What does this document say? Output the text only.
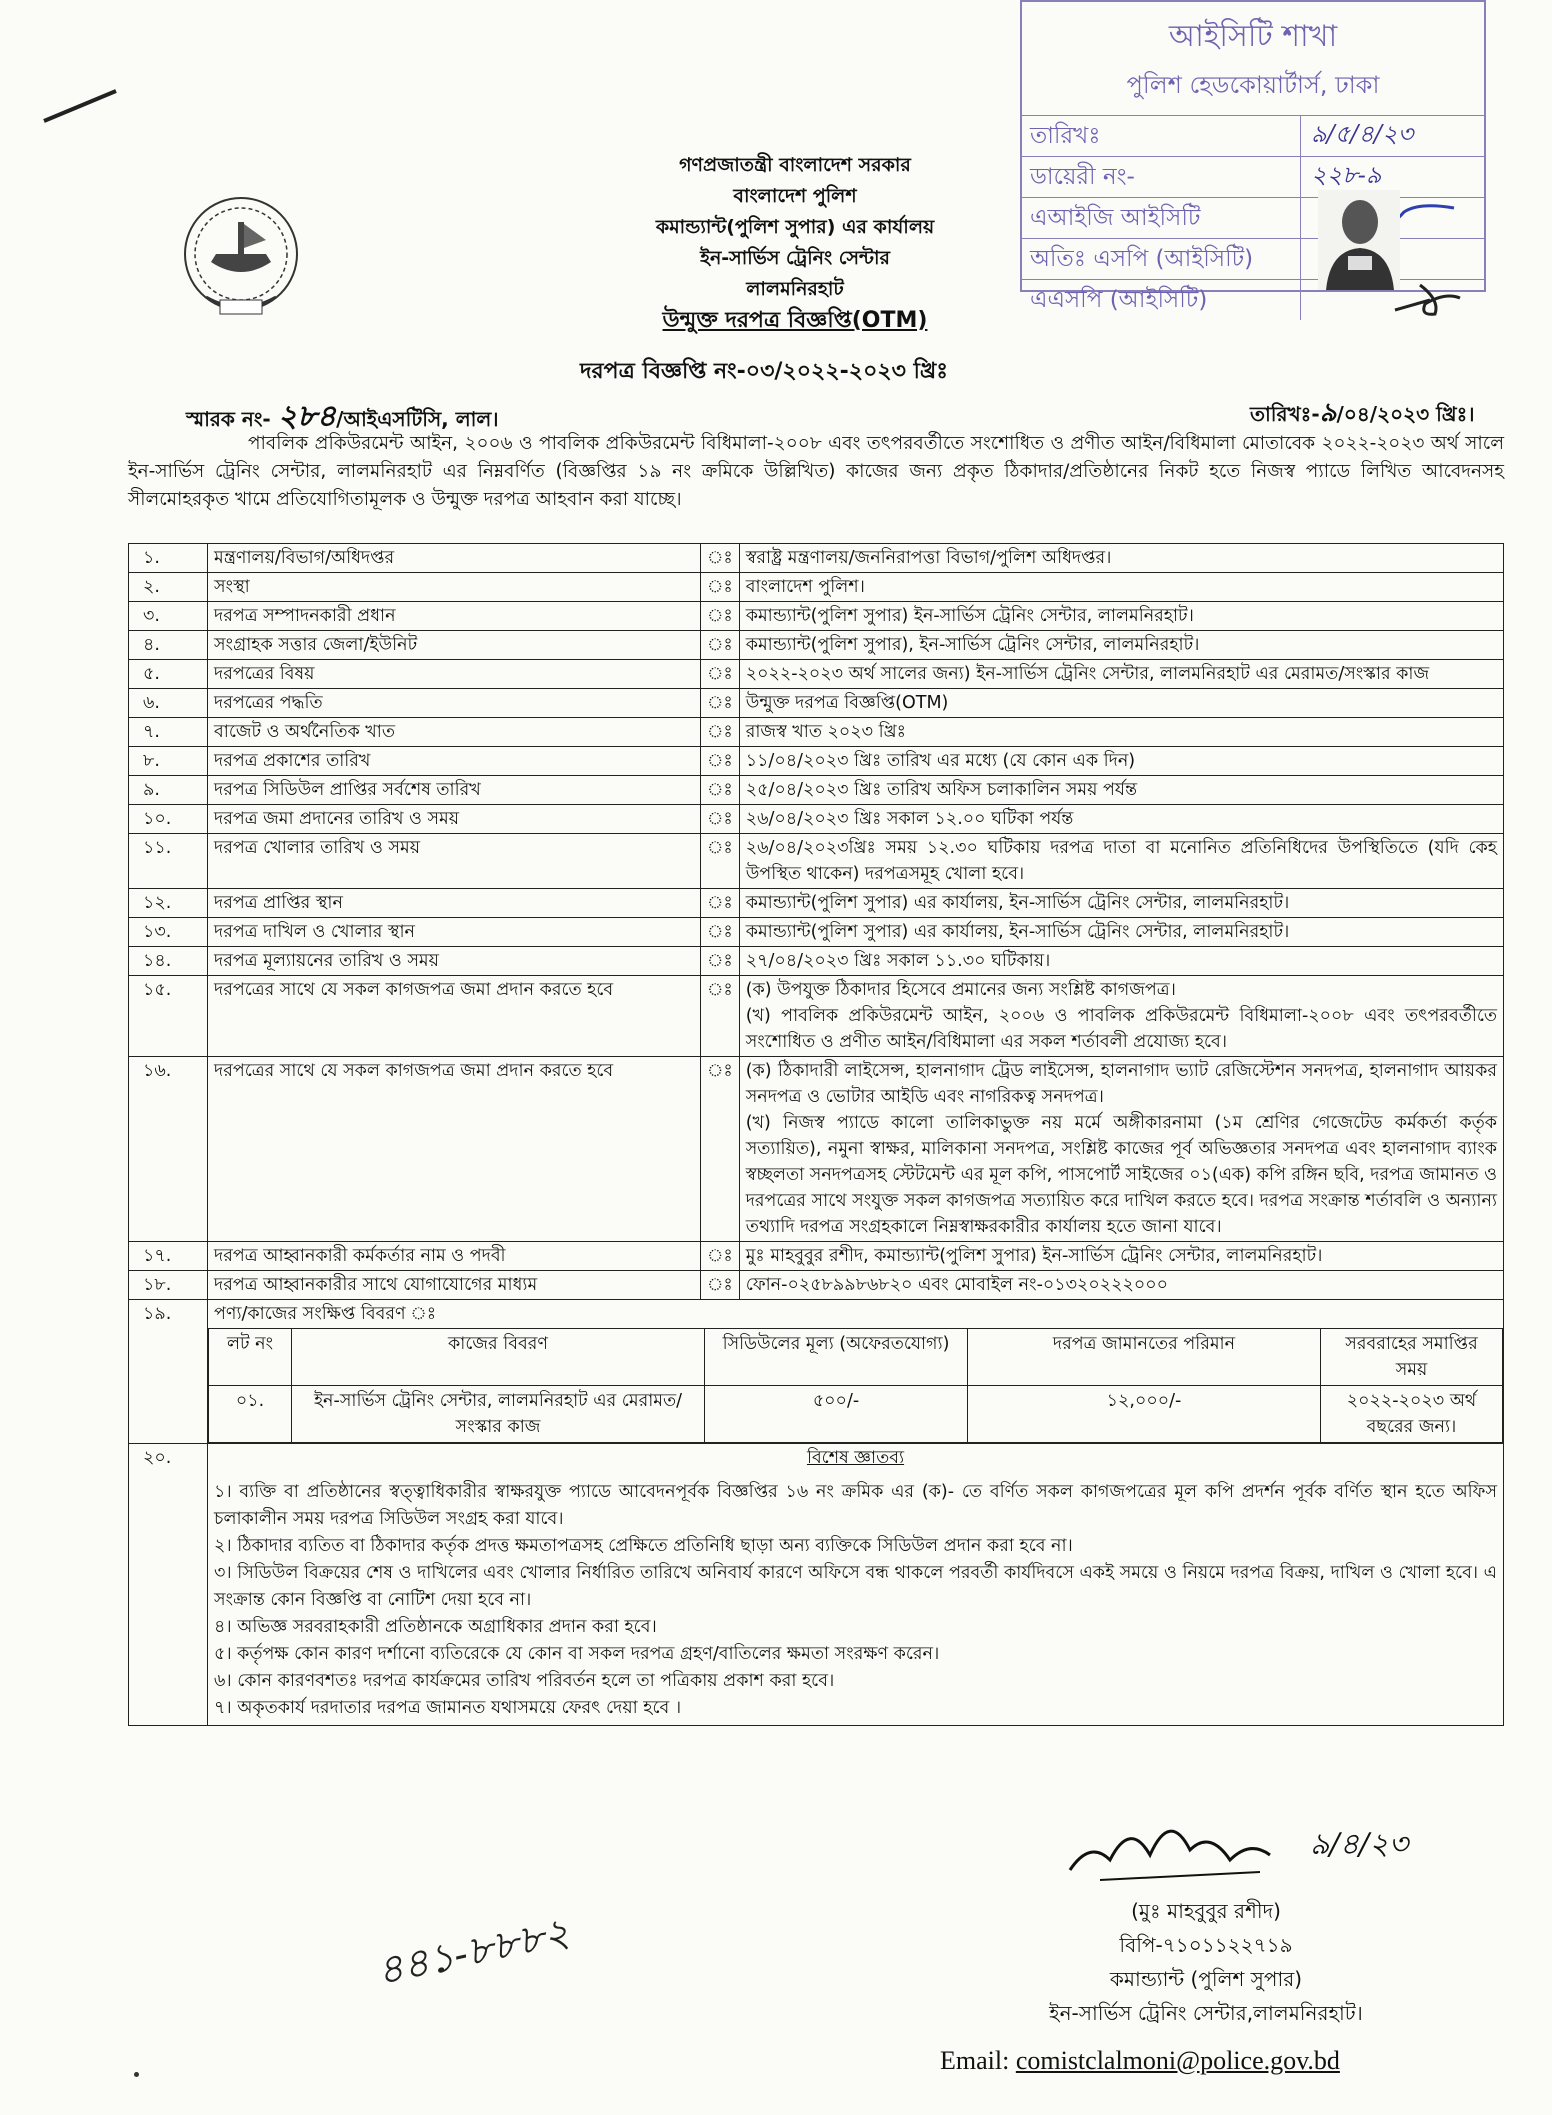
আইসিটি শাখা
পুলিশ হেডকোয়ার্টার্স, ঢাকা
তারিখঃ	৯/৫/৪/২৩
ডায়েরী নং-	২২৮-৯
এআইজি আইসিটি
অতিঃ এসপি (আইসিটি)
এএসপি (আইসিটি)
গণপ্রজাতন্ত্রী বাংলাদেশ সরকার
বাংলাদেশ পুলিশ
কমান্ড্যান্ট(পুলিশ সুপার) এর কার্যালয়
ইন-সার্ভিস ট্রেনিং সেন্টার
লালমনিরহাট
উন্মুক্ত দরপত্র বিজ্ঞপ্তি(OTM)
দরপত্র বিজ্ঞপ্তি নং-০৩/২০২২-২০২৩ খ্রিঃ
স্মারক নং- ২৮৪/আইএসটিসি, লাল।	তারিখঃ-৯/০৪/২০২৩ খ্রিঃ।
পাবলিক প্রকিউরমেন্ট আইন, ২০০৬ ও পাবলিক প্রকিউরমেন্ট বিধিমালা-২০০৮ এবং তৎপরবর্তীতে সংশোধিত ও প্রণীত আইন/বিধিমালা মোতাবেক ২০২২-২০২৩ অর্থ সালে ইন-সার্ভিস ট্রেনিং সেন্টার, লালমনিরহাট এর নিম্নবর্ণিত (বিজ্ঞপ্তির ১৯ নং ক্রমিকে উল্লিখিত) কাজের জন্য প্রকৃত ঠিকাদার/প্রতিষ্ঠানের নিকট হতে নিজস্ব প্যাডে লিখিত আবেদনসহ সীলমোহরকৃত খামে প্রতিযোগিতামূলক ও উন্মুক্ত দরপত্র আহবান করা যাচ্ছে।
১.	মন্ত্রণালয়/বিভাগ/অধিদপ্তর	ঃ	স্বরাষ্ট্র মন্ত্রণালয়/জননিরাপত্তা বিভাগ/পুলিশ অধিদপ্তর।
২.	সংস্থা	ঃ	বাংলাদেশ পুলিশ।
৩.	দরপত্র সম্পাদনকারী প্রধান	ঃ	কমান্ড্যান্ট(পুলিশ সুপার) ইন-সার্ভিস ট্রেনিং সেন্টার, লালমনিরহাট।
৪.	সংগ্রাহক সত্তার জেলা/ইউনিট	ঃ	কমান্ড্যান্ট(পুলিশ সুপার), ইন-সার্ভিস ট্রেনিং সেন্টার, লালমনিরহাট।
৫.	দরপত্রের বিষয়	ঃ	২০২২-২০২৩ অর্থ সালের জন্য) ইন-সার্ভিস ট্রেনিং সেন্টার, লালমনিরহাট এর মেরামত/সংস্কার কাজ
৬.	দরপত্রের পদ্ধতি	ঃ	উন্মুক্ত দরপত্র বিজ্ঞপ্তি(OTM)
৭.	বাজেট ও অর্থনৈতিক খাত	ঃ	রাজস্ব খাত ২০২৩ খ্রিঃ
৮.	দরপত্র প্রকাশের তারিখ	ঃ	১১/০৪/২০২৩ খ্রিঃ তারিখ এর মধ্যে (যে কোন এক দিন)
৯.	দরপত্র সিডিউল প্রাপ্তির সর্বশেষ তারিখ	ঃ	২৫/০৪/২০২৩ খ্রিঃ তারিখ অফিস চলাকালিন সময় পর্যন্ত
১০.	দরপত্র জমা প্রদানের তারিখ ও সময়	ঃ	২৬/০৪/২০২৩ খ্রিঃ সকাল ১২.০০ ঘটিকা পর্যন্ত
১১.	দরপত্র খোলার তারিখ ও সময়	ঃ	২৬/০৪/২০২৩খ্রিঃ সময় ১২.৩০ ঘটিকায় দরপত্র দাতা বা মনোনিত প্রতিনিধিদের উপস্থিতিতে (যদি কেহ উপস্থিত থাকেন) দরপত্রসমূহ খোলা হবে।
১২.	দরপত্র প্রাপ্তির স্থান	ঃ	কমান্ড্যান্ট(পুলিশ সুপার) এর কার্যালয়, ইন-সার্ভিস ট্রেনিং সেন্টার, লালমনিরহাট।
১৩.	দরপত্র দাখিল ও খোলার স্থান	ঃ	কমান্ড্যান্ট(পুলিশ সুপার) এর কার্যালয়, ইন-সার্ভিস ট্রেনিং সেন্টার, লালমনিরহাট।
১৪.	দরপত্র মূল্যায়নের তারিখ ও সময়	ঃ	২৭/০৪/২০২৩ খ্রিঃ সকাল ১১.৩০ ঘটিকায়।
১৫.	দরপত্রের সাথে যে সকল কাগজপত্র জমা প্রদান করতে হবে	ঃ	(ক) উপযুক্ত ঠিকাদার হিসেবে প্রমানের জন্য সংশ্লিষ্ট কাগজপত্র।
(খ) পাবলিক প্রকিউরমেন্ট আইন, ২০০৬ ও পাবলিক প্রকিউরমেন্ট বিধিমালা-২০০৮ এবং তৎপরবর্তীতে সংশোধিত ও প্রণীত আইন/বিধিমালা এর সকল শর্তাবলী প্রযোজ্য হবে।

১৬.	দরপত্রের সাথে যে সকল কাগজপত্র জমা প্রদান করতে হবে	ঃ	(ক) ঠিকাদারী লাইসেন্স, হালনাগাদ ট্রেড লাইসেন্স, হালনাগাদ ভ্যাট রেজিস্টেশন সনদপত্র, হালনাগাদ আয়কর সনদপত্র ও ভোটার আইডি এবং নাগরিকত্ব সনদপত্র।
(খ) নিজস্ব প্যাডে কালো তালিকাভুক্ত নয় মর্মে অঙ্গীকারনামা (১ম শ্রেণির গেজেটেড কর্মকর্তা কর্তৃক সত্যায়িত), নমুনা স্বাক্ষর, মালিকানা সনদপত্র, সংশ্লিষ্ট কাজের পূর্ব অভিজ্ঞতার সনদপত্র এবং হালনাগাদ ব্যাংক স্বচ্ছলতা সনদপত্রসহ স্টেটমেন্ট এর মূল কপি, পাসপোর্ট সাইজের ০১(এক) কপি রঙ্গিন ছবি, দরপত্র জামানত ও দরপত্রের সাথে সংযুক্ত সকল কাগজপত্র সত্যায়িত করে দাখিল করতে হবে। দরপত্র সংক্রান্ত শর্তাবলি ও অন্যান্য তথ্যাদি দরপত্র সংগ্রহকালে নিম্নস্বাক্ষরকারীর কার্যালয় হতে জানা যাবে।

১৭.	দরপত্র আহ্বানকারী কর্মকর্তার নাম ও পদবী	ঃ	মুঃ মাহবুবুর রশীদ, কমান্ড্যান্ট(পুলিশ সুপার) ইন-সার্ভিস ট্রেনিং সেন্টার, লালমনিরহাট।
১৮.	দরপত্র আহ্বানকারীর সাথে যোগাযোগের মাধ্যম	ঃ	ফোন-০২৫৮৯৯৮৬৮২০ এবং মোবাইল নং-০১৩২০২২২০০০
১৯.	পণ্য/কাজের সংক্ষিপ্ত বিবরণ ঃ
লট নং	কাজের বিবরণ	সিডিউলের মূল্য (অফেরতযোগ্য)	দরপত্র জামানতের পরিমান	সরবরাহের সমাপ্তির সময়
০১.	ইন-সার্ভিস ট্রেনিং সেন্টার, লালমনিরহাট এর মেরামত/সংস্কার কাজ	৫০০/-	১২,০০০/-	২০২২-২০২৩ অর্থ বছরের জন্য।

২০.	বিশেষ জ্ঞাতব্য
১। ব্যক্তি বা প্রতিষ্ঠানের স্বত্ত্বাধিকারীর স্বাক্ষরযুক্ত প্যাডে আবেদনপূর্বক বিজ্ঞপ্তির ১৬ নং ক্রমিক এর (ক)- তে বর্ণিত সকল কাগজপত্রের মূল কপি প্রদর্শন পূর্বক বর্ণিত স্থান হতে অফিস চলাকালীন সময় দরপত্র সিডিউল সংগ্রহ করা যাবে।
২। ঠিকাদার ব্যতিত বা ঠিকাদার কর্তৃক প্রদত্ত ক্ষমতাপত্রসহ প্রেক্ষিতে প্রতিনিধি ছাড়া অন্য ব্যক্তিকে সিডিউল প্রদান করা হবে না।
৩। সিডিউল বিক্রয়ের শেষ ও দাখিলের এবং খোলার নির্ধারিত তারিখে অনিবার্য কারণে অফিসে বন্ধ থাকলে পরবর্তী কার্যদিবসে একই সময়ে ও নিয়মে দরপত্র বিক্রয়, দাখিল ও খোলা হবে। এ সংক্রান্ত কোন বিজ্ঞপ্তি বা নোটিশ দেয়া হবে না।
৪। অভিজ্ঞ সরবরাহকারী প্রতিষ্ঠানকে অগ্রাধিকার প্রদান করা হবে।
৫। কর্তৃপক্ষ কোন কারণ দর্শানো ব্যতিরেকে যে কোন বা সকল দরপত্র গ্রহণ/বাতিলের ক্ষমতা সংরক্ষণ করেন।
৬। কোন কারণবশতঃ দরপত্র কার্যক্রমের তারিখ পরিবর্তন হলে তা পত্রিকায় প্রকাশ করা হবে।
৭। অকৃতকার্য দরদাতার দরপত্র জামানত যথাসময়ে ফেরৎ দেয়া হবে ।
৯/৪/২৩
(মুঃ মাহবুবুর রশীদ)
বিপি-৭১০১১২২৭১৯
কমান্ড্যান্ট (পুলিশ সুপার)
ইন-সার্ভিস ট্রেনিং সেন্টার,লালমনিরহাট।
Email: comistclalmoni@police.gov.bd
৪৪১-৮৮৮২
